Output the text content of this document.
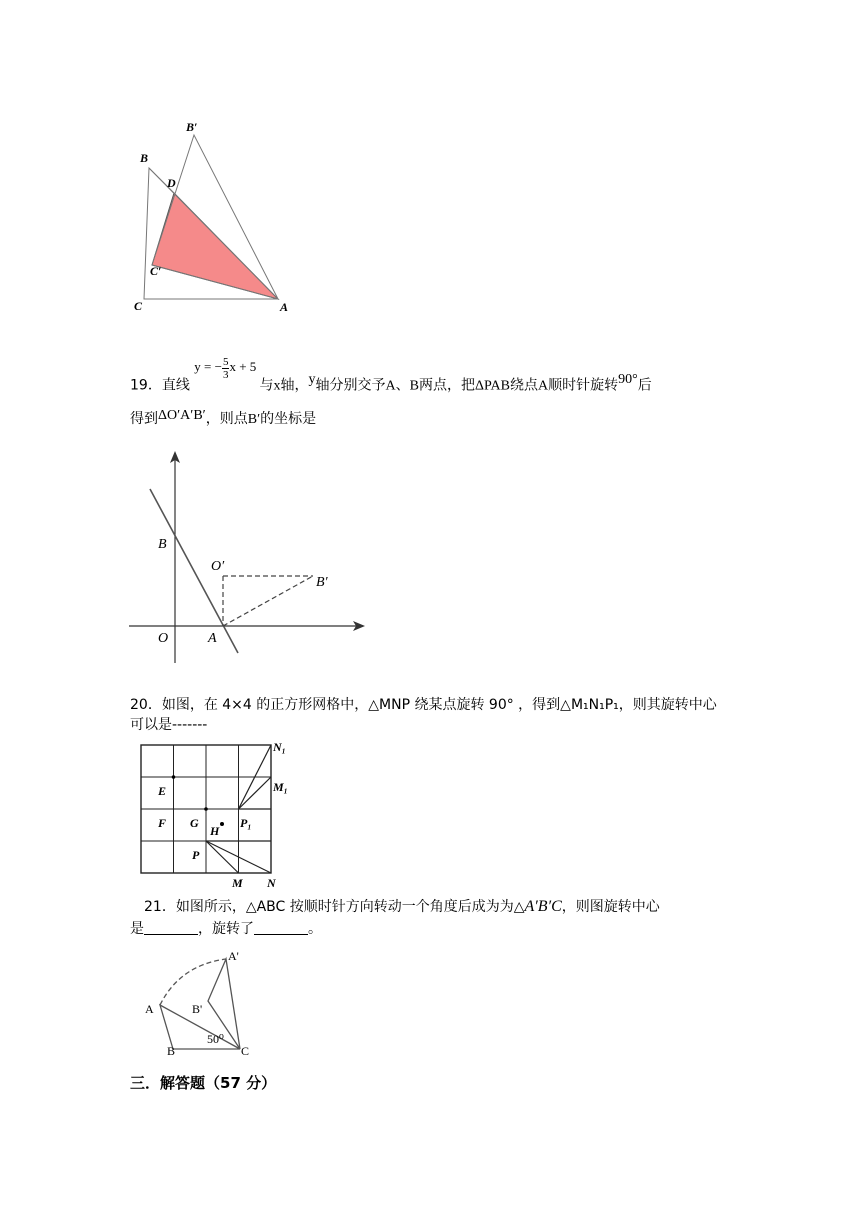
B′
B
D
C′
C	A
19．直线 y = − $\frac{5}{3}$ x + 5 与x轴，y轴分别交予A、B两点，把ΔPAB绕点A顺时针旋转90°后
得到ΔO′A′B′，则点B′的坐标是
B
O′
B′
O	A
20．如图，在 4×4 的正方形网格中，△MNP 绕某点旋转 90° ，得到△M₁N₁P₁，则其旋转中心
可以是-------
N₁
M₁
E
F G
H
P₁
P
M N
21．如图所示，△ABC 按顺时针方向转动一个角度后成为为△A′B′C，则图旋转中心
是	，旋转了	。
A'
A	B'
50⁰
B	C
三．解答题（57 分）
